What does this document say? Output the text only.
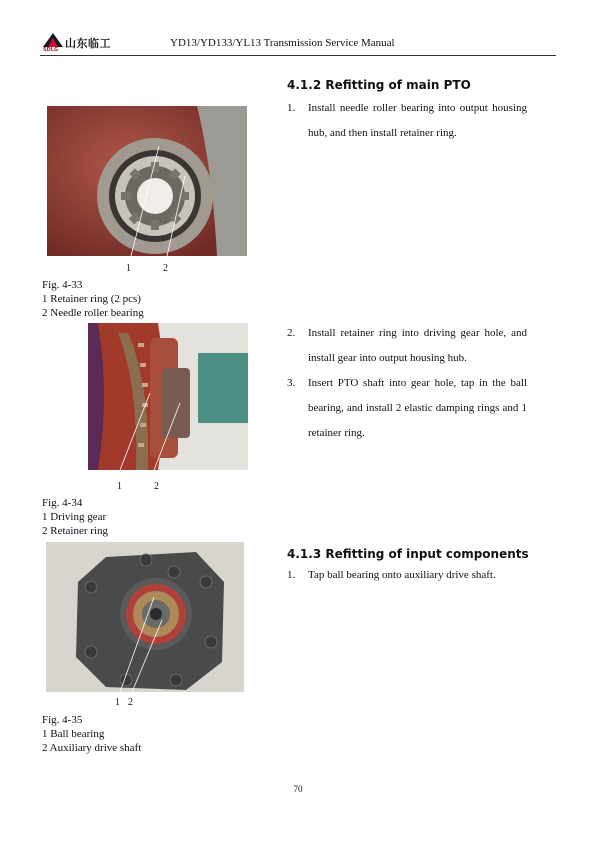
山东临工
SDLG
YD13/YD133/YL13 Transmission Service Manual
4.1.2 Refitting of main PTO
1. Install needle roller bearing into output housing hub, and then install retainer ring.
2. Install retainer ring into driving gear hole, and install gear into output housing hub.
3. Insert PTO shaft into gear hole, tap in the ball bearing, and install 2 elastic damping rings and 1 retainer ring.
4.1.3 Refitting of input components
1. Tap ball bearing onto auxiliary drive shaft.
1	2
Fig. 4-33
1 Retainer ring (2 pcs)
2 Needle roller bearing
1	2
Fig. 4-34
1 Driving gear
2 Retainer ring
1 2
Fig. 4-35
1 Ball bearing
2 Auxiliary drive shaft
70
